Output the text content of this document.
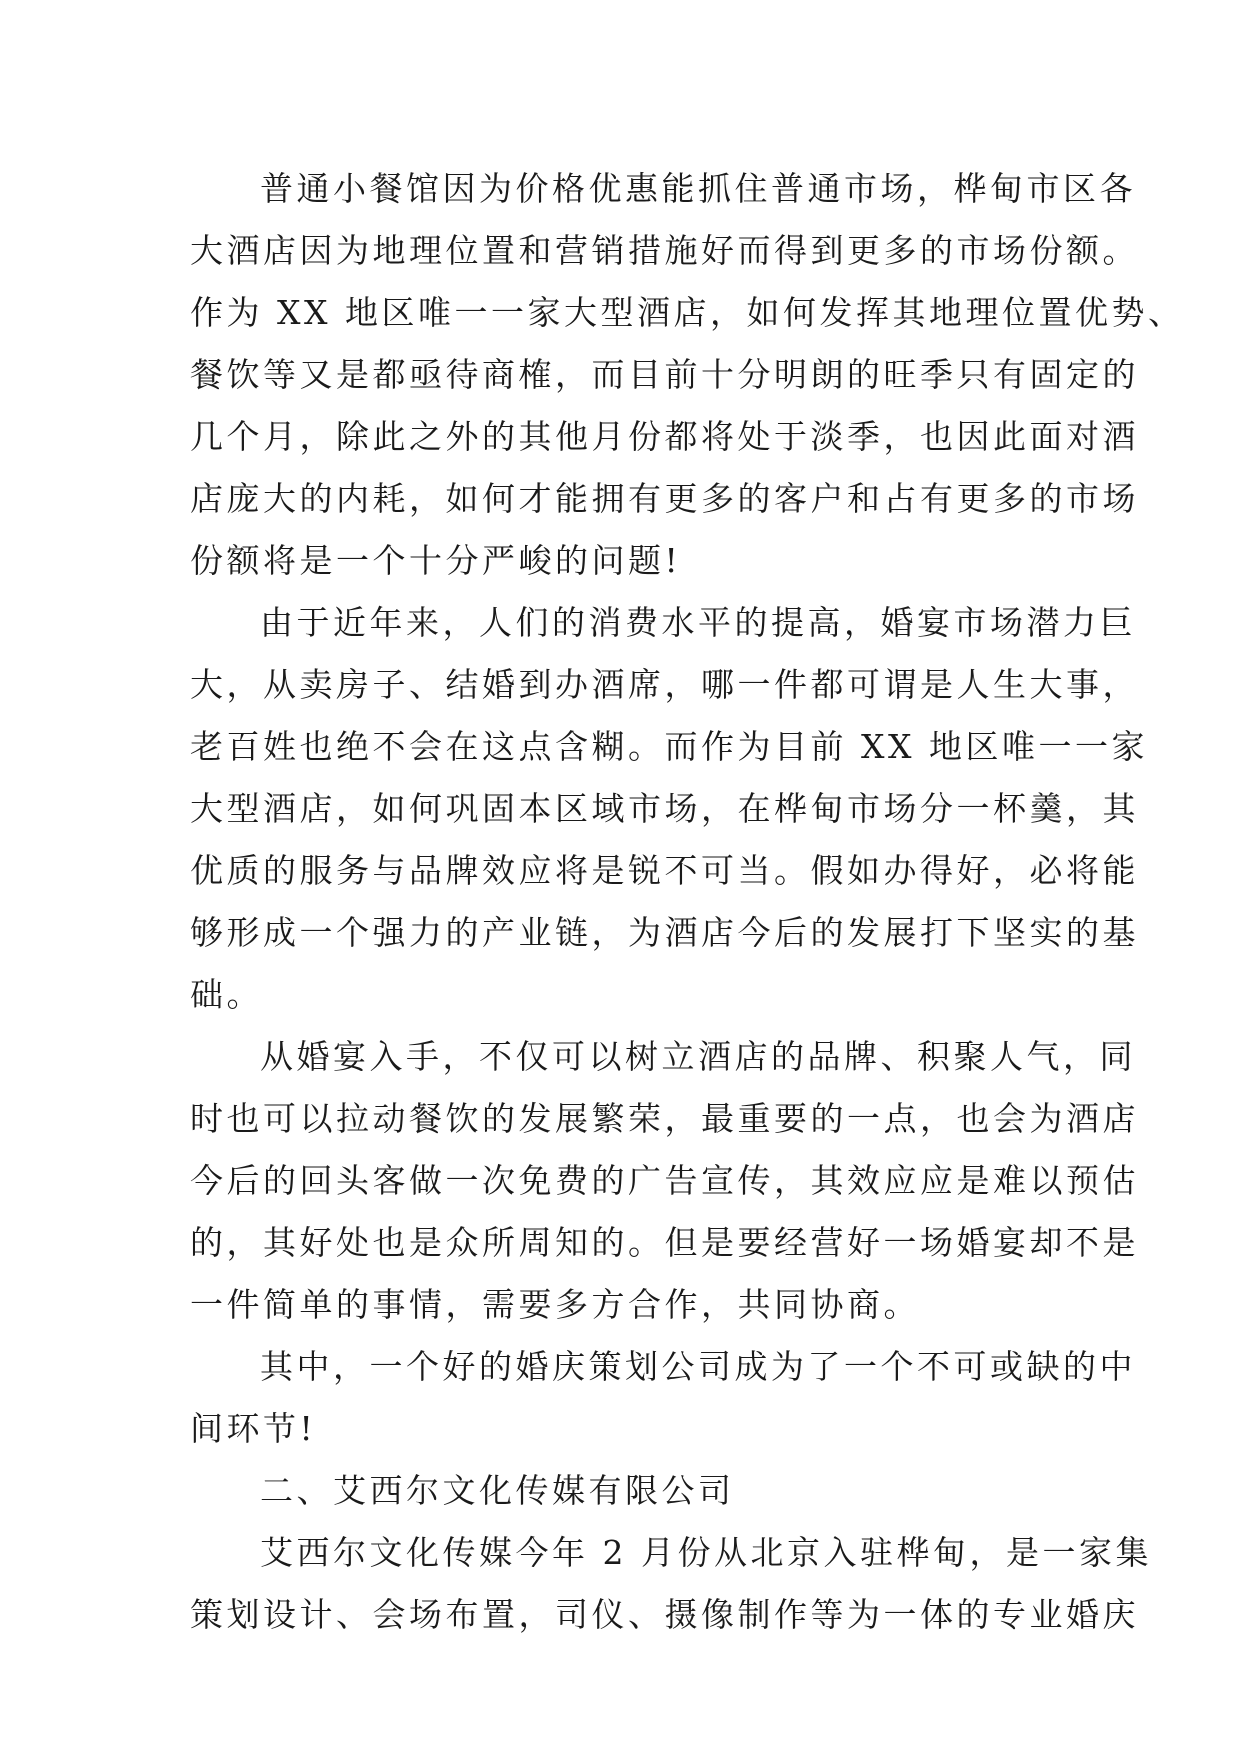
普通小餐馆因为价格优惠能抓住普通市场，桦甸市区各
大酒店因为地理位置和营销措施好而得到更多的市场份额。
作为 XX 地区唯一一家大型酒店，如何发挥其地理位置优势、
餐饮等又是都亟待商榷，而目前十分明朗的旺季只有固定的
几个月，除此之外的其他月份都将处于淡季，也因此面对酒
店庞大的内耗，如何才能拥有更多的客户和占有更多的市场
份额将是一个十分严峻的问题!
由于近年来，人们的消费水平的提高，婚宴市场潜力巨
大，从卖房子、结婚到办酒席，哪一件都可谓是人生大事，
老百姓也绝不会在这点含糊。而作为目前 XX 地区唯一一家
大型酒店，如何巩固本区域市场，在桦甸市场分一杯羹，其
优质的服务与品牌效应将是锐不可当。假如办得好，必将能
够形成一个强力的产业链，为酒店今后的发展打下坚实的基
础。
从婚宴入手，不仅可以树立酒店的品牌、积聚人气，同
时也可以拉动餐饮的发展繁荣，最重要的一点，也会为酒店
今后的回头客做一次免费的广告宣传，其效应应是难以预估
的，其好处也是众所周知的。但是要经营好一场婚宴却不是
一件简单的事情，需要多方合作，共同协商。
其中，一个好的婚庆策划公司成为了一个不可或缺的中
间环节!
二、艾西尔文化传媒有限公司
艾西尔文化传媒今年 2 月份从北京入驻桦甸，是一家集
策划设计、会场布置，司仪、摄像制作等为一体的专业婚庆
